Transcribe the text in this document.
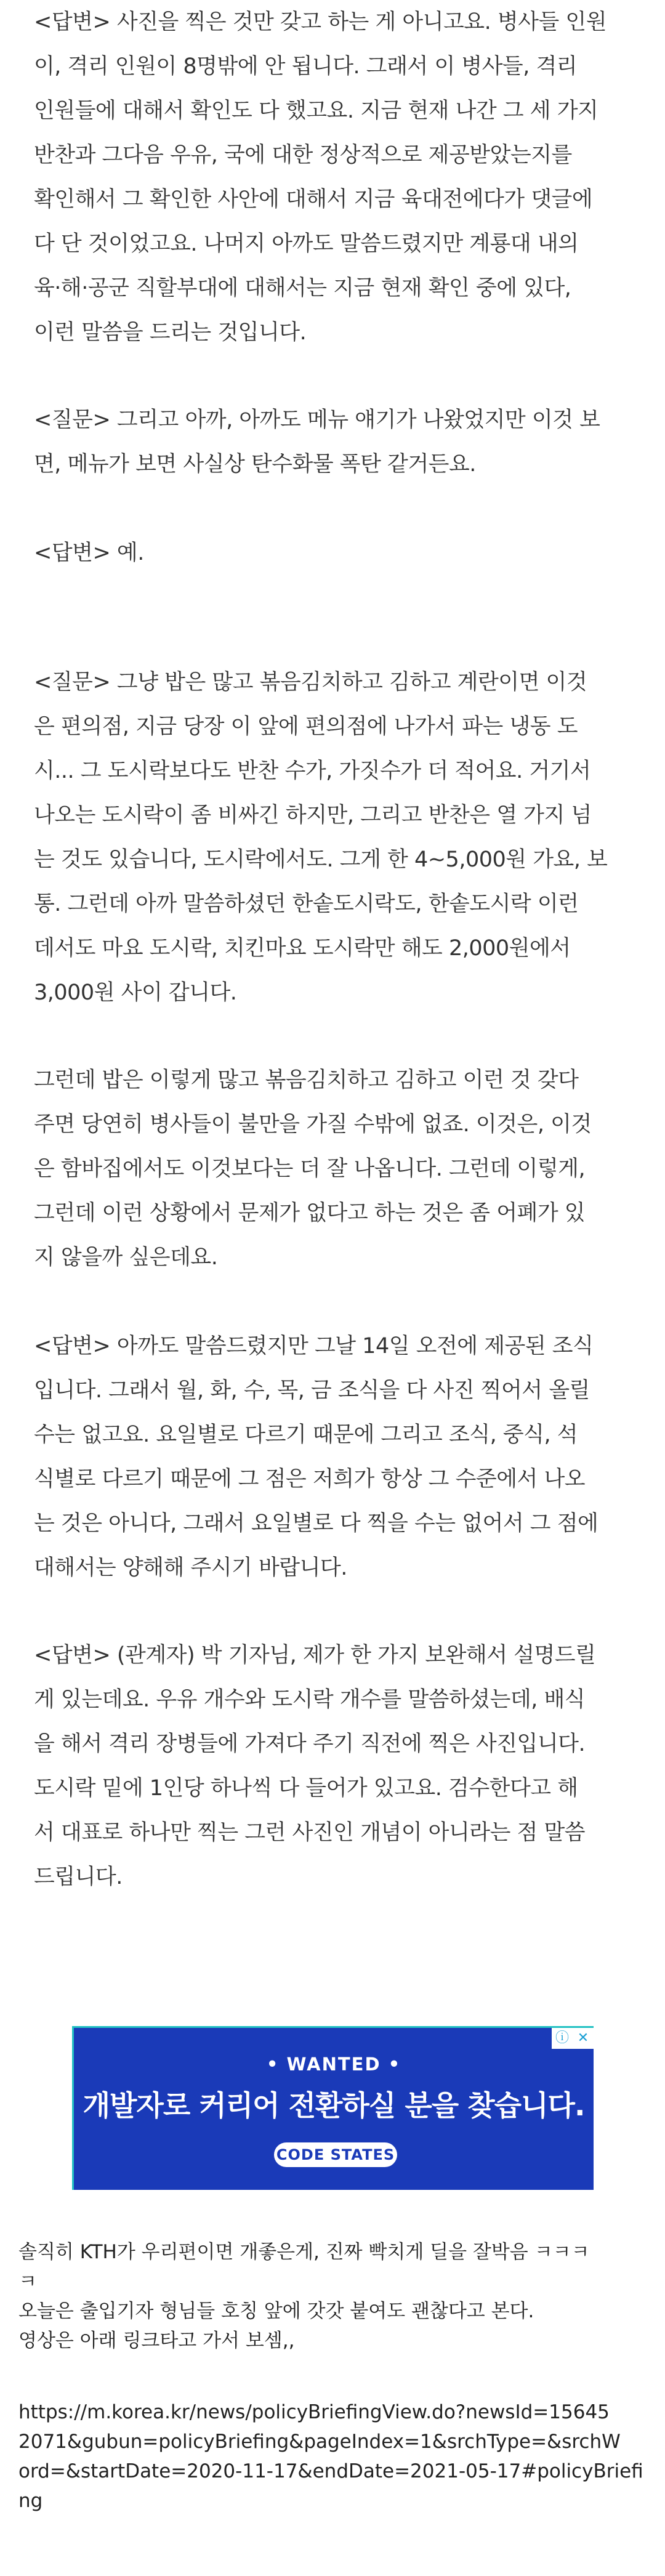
<답변> 사진을 찍은 것만 갖고 하는 게 아니고요. 병사들 인원
이, 격리 인원이 8명밖에 안 됩니다. 그래서 이 병사들, 격리
인원들에 대해서 확인도 다 했고요. 지금 현재 나간 그 세 가지
반찬과 그다음 우유, 국에 대한 정상적으로 제공받았는지를
확인해서 그 확인한 사안에 대해서 지금 육대전에다가 댓글에
다 단 것이었고요. 나머지 아까도 말씀드렸지만 계룡대 내의
육·해·공군 직할부대에 대해서는 지금 현재 확인 중에 있다,
이런 말씀을 드리는 것입니다.
<질문> 그리고 아까, 아까도 메뉴 얘기가 나왔었지만 이것 보
면, 메뉴가 보면 사실상 탄수화물 폭탄 같거든요.
<답변> 예.
<질문> 그냥 밥은 많고 볶음김치하고 김하고 계란이면 이것
은 편의점, 지금 당장 이 앞에 편의점에 나가서 파는 냉동 도
시... 그 도시락보다도 반찬 수가, 가짓수가 더 적어요. 거기서
나오는 도시락이 좀 비싸긴 하지만, 그리고 반찬은 열 가지 넘
는 것도 있습니다, 도시락에서도. 그게 한 4~5,000원 가요, 보
통. 그런데 아까 말씀하셨던 한솥도시락도, 한솥도시락 이런
데서도 마요 도시락, 치킨마요 도시락만 해도 2,000원에서
3,000원 사이 갑니다.
그런데 밥은 이렇게 많고 볶음김치하고 김하고 이런 것 갖다
주면 당연히 병사들이 불만을 가질 수밖에 없죠. 이것은, 이것
은 함바집에서도 이것보다는 더 잘 나옵니다. 그런데 이렇게,
그런데 이런 상황에서 문제가 없다고 하는 것은 좀 어폐가 있
지 않을까 싶은데요.
<답변> 아까도 말씀드렸지만 그날 14일 오전에 제공된 조식
입니다. 그래서 월, 화, 수, 목, 금 조식을 다 사진 찍어서 올릴
수는 없고요. 요일별로 다르기 때문에 그리고 조식, 중식, 석
식별로 다르기 때문에 그 점은 저희가 항상 그 수준에서 나오
는 것은 아니다, 그래서 요일별로 다 찍을 수는 없어서 그 점에
대해서는 양해해 주시기 바랍니다.
<답변> (관계자) 박 기자님, 제가 한 가지 보완해서 설명드릴
게 있는데요. 우유 개수와 도시락 개수를 말씀하셨는데, 배식
을 해서 격리 장병들에 가져다 주기 직전에 찍은 사진입니다.
도시락 밑에 1인당 하나씩 다 들어가 있고요. 검수한다고 해
서 대표로 하나만 찍는 그런 사진인 개념이 아니라는 점 말씀
드립니다.
ⓘ ✕
• WANTED •
개발자로 커리어 전환하실 분을 찾습니다.
CODE STATES
솔직히 KTH가 우리편이면 개좋은게, 진짜 빡치게 딜을 잘박음 ㅋㅋㅋ
ㅋ
오늘은 출입기자 형님들 호칭 앞에 갓갓 붙여도 괜찮다고 본다.
영상은 아래 링크타고 가서 보셈,,
https://m.korea.kr/news/policyBriefingView.do?newsId=15645
2071&gubun=policyBriefing&pageIndex=1&srchType=&srchW
ord=&startDate=2020-11-17&endDate=2021-05-17#policyBriefi
ng
